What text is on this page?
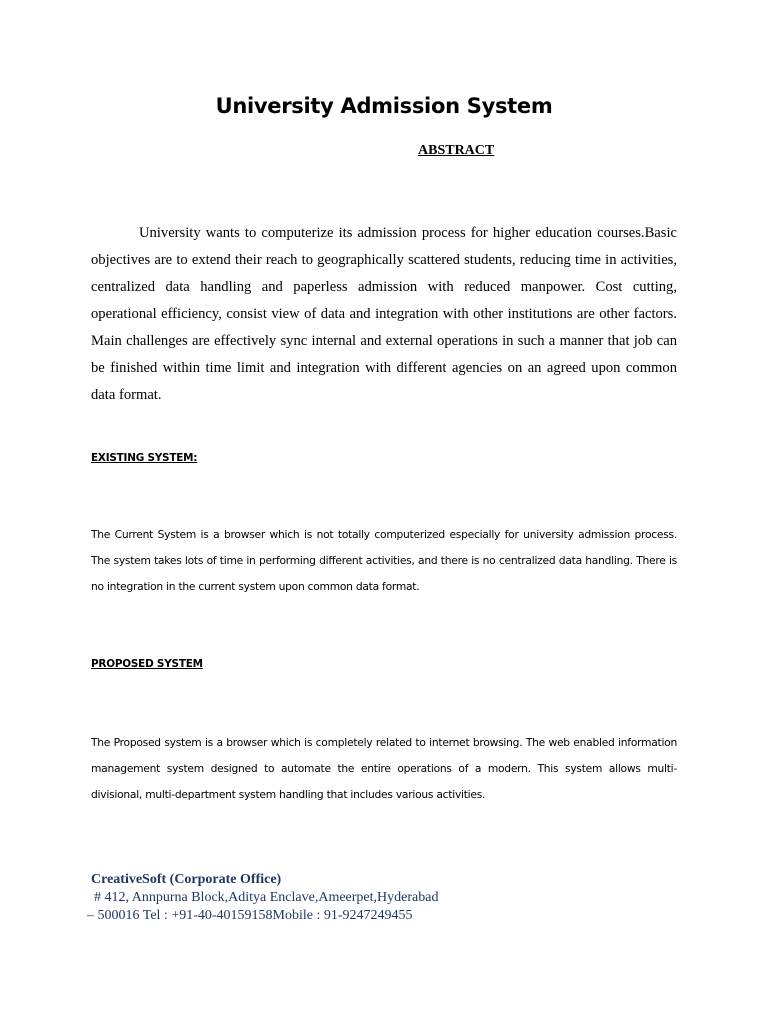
University Admission System
ABSTRACT

University wants to computerize its admission process for higher education courses.Basic objectives are to extend their reach to geographically scattered students, reducing time in activities, centralized data handling and paperless admission with reduced manpower. Cost cutting, operational efficiency, consist view of data and integration with other institutions are other factors. Main challenges are effectively sync internal and external operations in such a manner that job can be finished within time limit and integration with different agencies on an agreed upon common data format.

EXISTING SYSTEM:

The Current System is a browser which is not totally computerized especially for university admission process. The system takes lots of time in performing different activities, and there is no centralized data handling. There is no integration in the current system upon common data format.

PROPOSED SYSTEM

The Proposed system is a browser which is completely related to internet browsing. The web enabled information management system designed to automate the entire operations of a modern. This system allows multi-divisional, multi-department system handling that includes various activities.

CreativeSoft (Corporate Office)
# 412, Annpurna Block,Aditya Enclave,Ameerpet,Hyderabad
– 500016 Tel : +91-40-40159158Mobile : 91-9247249455
